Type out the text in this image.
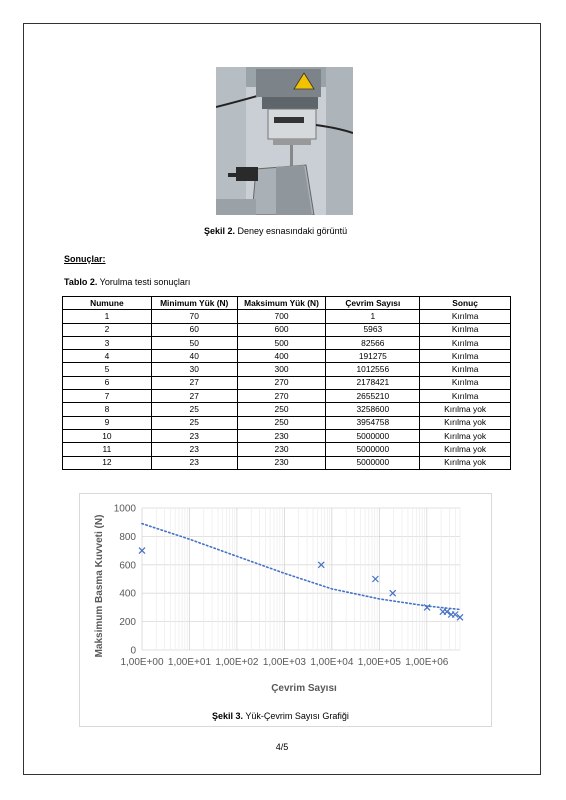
Şekil 2. Deney esnasındaki görüntü
Sonuçlar:
Tablo 2. Yorulma testi sonuçları
Numune	Minimum Yük (N)	Maksimum Yük (N)	Çevrim Sayısı	Sonuç
1	70	700	1	Kırılma
2	60	600	5963	Kırılma
3	50	500	82566	Kırılma
4	40	400	191275	Kırılma
5	30	300	1012556	Kırılma
6	27	270	2178421	Kırılma
7	27	270	2655210	Kırılma
8	25	250	3258600	Kırılma yok
9	25	250	3954758	Kırılma yok
10	23	230	5000000	Kırılma yok
11	23	230	5000000	Kırılma yok
12	23	230	5000000	Kırılma yok
0
200
400
600
800
1000
1,00E+00 1,00E+01 1,00E+02 1,00E+03 1,00E+04 1,00E+05 1,00E+06
Çevrim Sayısı
Maksimum Basma Kuvveti (N)
Şekil 3. Yük-Çevrim Sayısı Grafiği
4/5
